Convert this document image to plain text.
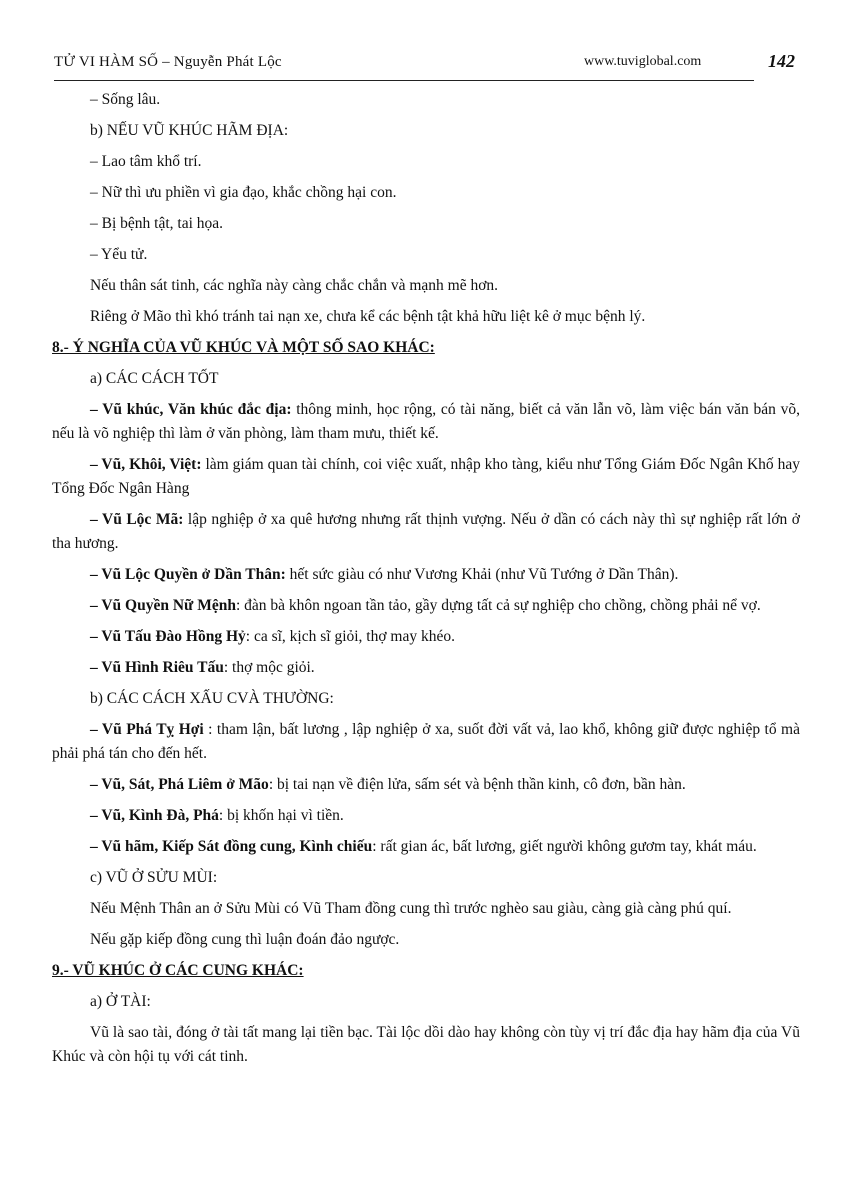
TỬ VI HÀM SỐ – Nguyễn Phát Lộc	www.tuviglobal.com	142

– Sống lâu.

b) NẾU VŨ KHÚC HÃM ĐỊA:

– Lao tâm khổ trí.

– Nữ thì ưu phiền vì gia đạo, khắc chồng hại con.

– Bị bệnh tật, tai họa.

– Yểu tử.

Nếu thân sát tinh, các nghĩa này càng chắc chắn và mạnh mẽ hơn.

Riêng ở Mão thì khó tránh tai nạn xe, chưa kể các bệnh tật khả hữu liệt kê ở mục bệnh lý.

8.- Ý NGHĨA CỦA VŨ KHÚC VÀ MỘT SỐ SAO KHÁC:

a) CÁC CÁCH TỐT

– Vũ khúc, Văn khúc đắc địa: thông minh, học rộng, có tài năng, biết cả văn lẫn võ, làm việc bán văn bán võ, nếu là võ nghiệp thì làm ở văn phòng, làm tham mưu, thiết kế.

– Vũ, Khôi, Việt: làm giám quan tài chính, coi việc xuất, nhập kho tàng, kiểu như Tổng Giám Đốc Ngân Khố hay Tổng Đốc Ngân Hàng

– Vũ Lộc Mã: lập nghiệp ở xa quê hương nhưng rất thịnh vượng. Nếu ở dần có cách này thì sự nghiệp rất lớn ở tha hương.

– Vũ Lộc Quyền ở Dần Thân: hết sức giàu có như Vương Khải (như Vũ Tướng ở Dần Thân).

– Vũ Quyền Nữ Mệnh: đàn bà khôn ngoan tần tảo, gầy dựng tất cả sự nghiệp cho chồng, chồng phải nể vợ.

– Vũ Tấu Đào Hồng Hỷ: ca sĩ, kịch sĩ giỏi, thợ may khéo.

– Vũ Hình Riêu Tấu: thợ mộc giỏi.

b) CÁC CÁCH XẤU CVÀ THƯỜNG:

– Vũ Phá Tỵ Hợi : tham lận, bất lương , lập nghiệp ở xa, suốt đời vất vả, lao khổ, không giữ được nghiệp tổ mà phải phá tán cho đến hết.

– Vũ, Sát, Phá Liêm ở Mão: bị tai nạn về điện lửa, sấm sét và bệnh thần kinh, cô đơn, bần hàn.

– Vũ, Kình Đà, Phá: bị khốn hại vì tiền.

– Vũ hãm, Kiếp Sát đồng cung, Kình chiếu: rất gian ác, bất lương, giết người không gươm tay, khát máu.

c) VŨ Ở SỬU MÙI:

Nếu Mệnh Thân an ở Sửu Mùi có Vũ Tham đồng cung thì trước nghèo sau giàu, càng già càng phú quí.

Nếu gặp kiếp đồng cung thì luận đoán đảo ngược.

9.- VŨ KHÚC Ở CÁC CUNG KHÁC:

a) Ở TÀI:

Vũ là sao tài, đóng ở tài tất mang lại tiền bạc. Tài lộc dồi dào hay không còn tùy vị trí đắc địa hay hãm địa của Vũ Khúc và còn hội tụ với cát tinh.
